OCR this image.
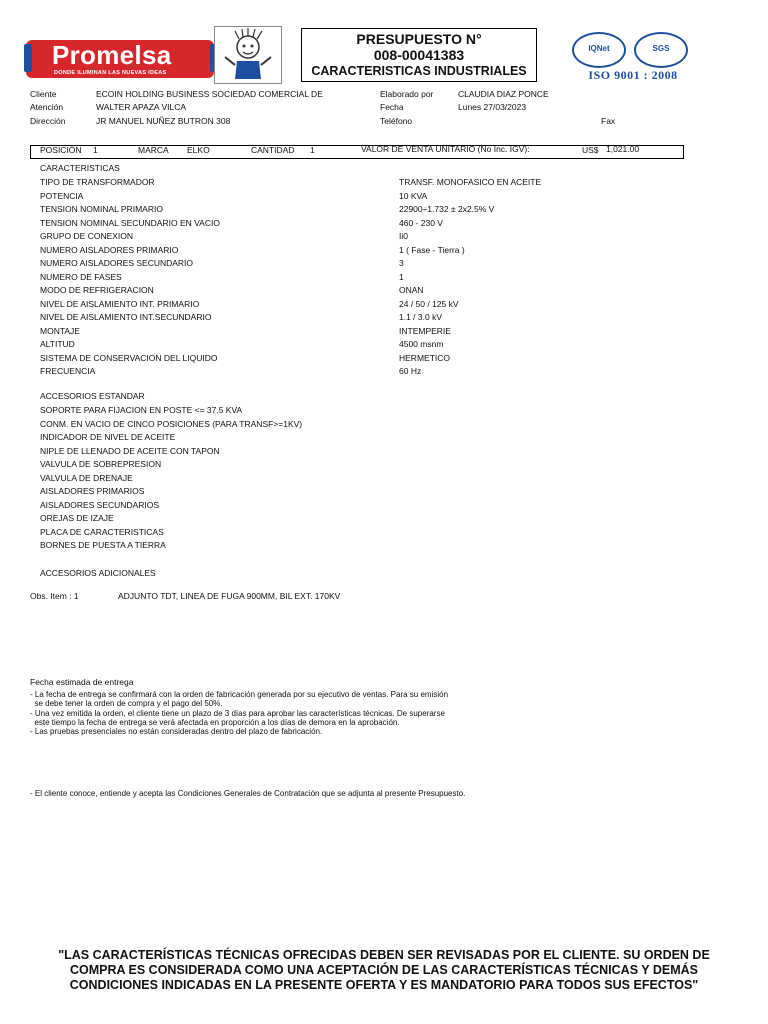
Promelsa
DONDE ILUMINAN LAS NUEVAS IDEAS
PRESUPUESTO N°
008-00041383
CARACTERISTICAS INDUSTRIALES
IQNet	SGS
ISO 9001 : 2008
Cliente	ECOIN HOLDING BUSINESS SOCIEDAD COMERCIAL DE
Atención	WALTER APAZA VILCA
Dirección	JR MANUEL NUÑEZ BUTRON 308
Elaborado por	CLAUDIA DIAZ PONCE
Fecha	Lunes 27/03/2023
Teléfono	Fax
POSICIÓN 1	MARCA ELKO	CANTIDAD 1	VALOR DE VENTA UNITARIO (No Inc. IGV):	US$ 1,021.00
CARACTERISTICAS
TIPO DE TRANSFORMADOR	TRANSF. MONOFASICO EN ACEITE
POTENCIA	10 KVA
TENSION NOMINAL PRIMARIO	22900÷1.732 ± 2x2.5% V
TENSION NOMINAL SECUNDARIO EN VACIO	460 - 230 V
GRUPO DE CONEXION	Ii0
NUMERO AISLADORES PRIMARIO	1 ( Fase - Tierra )
NUMERO AISLADORES SECUNDARIO	3
NUMERO DE FASES	1
MODO DE REFRIGERACION	ONAN
NIVEL DE AISLAMIENTO INT. PRIMARIO	24 / 50 / 125 kV
NIVEL DE AISLAMIENTO INT.SECUNDARIO	1.1 / 3.0 kV
MONTAJE	INTEMPERIE
ALTITUD	4500 msnm
SISTEMA DE CONSERVACION DEL LIQUIDO	HERMETICO
FRECUENCIA	60 Hz
ACCESORIOS ESTANDAR
SOPORTE PARA FIJACION EN POSTE <= 37.5 KVA
CONM. EN VACIO DE CINCO POSICIONES (PARA TRANSF>=1KV)
INDICADOR DE NIVEL DE ACEITE
NIPLE DE LLENADO DE ACEITE CON TAPON
VALVULA DE SOBREPRESION
VALVULA DE DRENAJE
AISLADORES PRIMARIOS
AISLADORES SECUNDARIOS
OREJAS DE IZAJE
PLACA DE CARACTERISTICAS
BORNES DE PUESTA A TIERRA
ACCESORIOS ADICIONALES
Obs. Item : 1	ADJUNTO TDT, LINEA DE FUGA 900MM, BIL EXT. 170KV
Fecha estimada de entrega
- La fecha de entrega se confirmará con la orden de fabricación generada por su ejecutivo de ventas. Para su emisión
se debe tener la orden de compra y el pago del 50%.
- Una vez emitida la orden, el cliente tiene un plazo de 3 días para aprobar las características técnicas. De superarse
este tiempo la fecha de entrega se verá afectada en proporción a los días de demora en la aprobación.
- Las pruebas presenciales no están consideradas dentro del plazo de fabricación.
- El cliente conoce, entiende y acepta las Condiciones Generales de Contratación que se adjunta al presente Presupuesto.
"LAS CARACTERÍSTICAS TÉCNICAS OFRECIDAS DEBEN SER REVISADAS POR EL CLIENTE. SU ORDEN DE COMPRA ES CONSIDERADA COMO UNA ACEPTACIÓN DE LAS CARACTERÍSTICAS TÉCNICAS Y DEMÁS CONDICIONES INDICADAS EN LA PRESENTE OFERTA Y ES MANDATORIO PARA TODOS SUS EFECTOS"
